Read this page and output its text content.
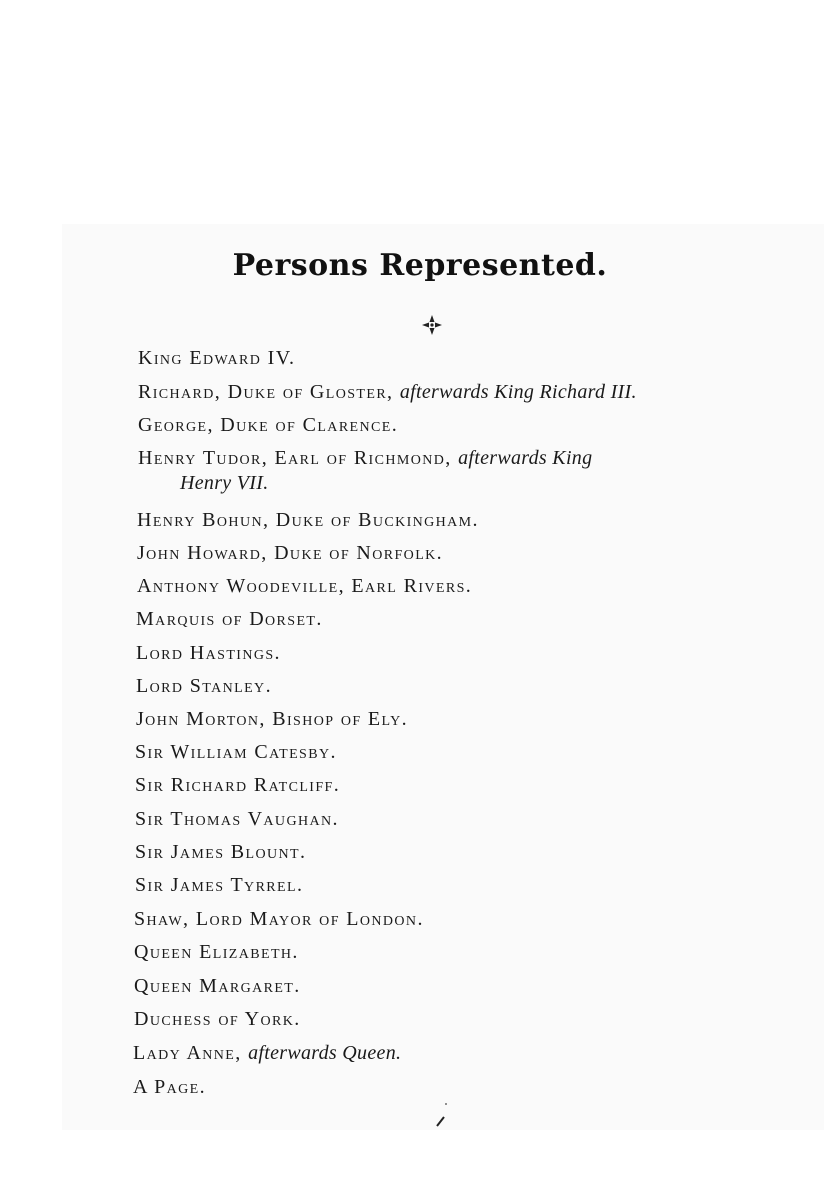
Persons Represented.
King Edward IV.
Richard, Duke of Gloster, afterwards King Richard III.
George, Duke of Clarence.
Henry Tudor, Earl of Richmond, afterwards King
Henry VII.
Henry Bohun, Duke of Buckingham.
John Howard, Duke of Norfolk.
Anthony Woodeville, Earl Rivers.
Marquis of Dorset.
Lord Hastings.
Lord Stanley.
John Morton, Bishop of Ely.
Sir William Catesby.
Sir Richard Ratcliff.
Sir Thomas Vaughan.
Sir James Blount.
Sir James Tyrrel.
Shaw, Lord Mayor of London.
Queen Elizabeth.
Queen Margaret.
Duchess of York.
Lady Anne, afterwards Queen.
A Page.
